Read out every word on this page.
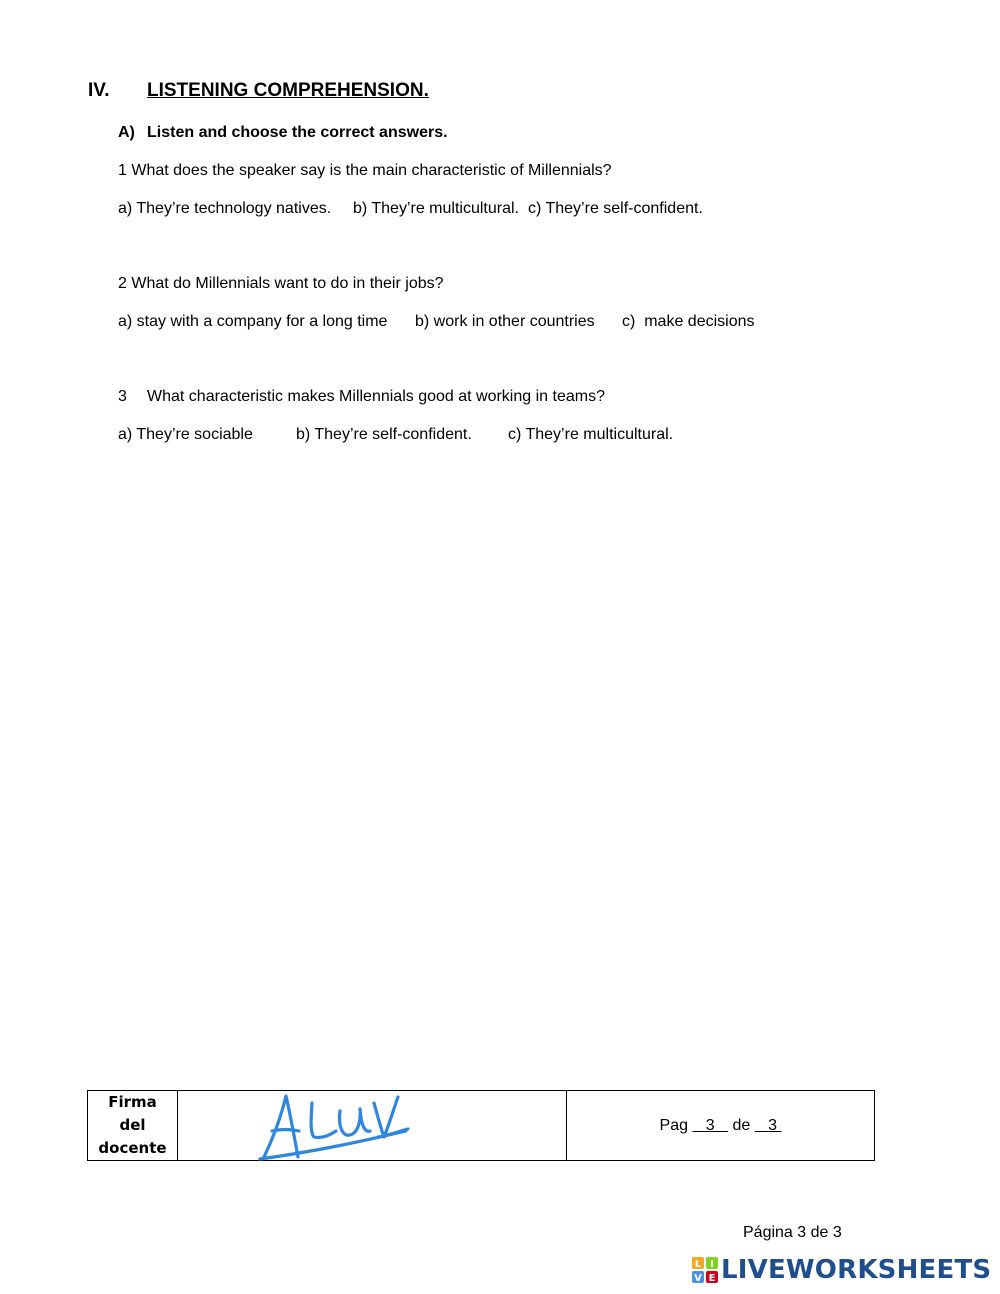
IV. LISTENING COMPREHENSION.
A) Listen and choose the correct answers.
1 What does the speaker say is the main characteristic of Millennials?
a) They’re technology natives. b) They’re multicultural. c) They’re self-confident.
2 What do Millennials want to do in their jobs?
a) stay with a company for a long time b) work in other countries c)  make decisions
3 What characteristic makes Millennials good at working in teams?
a) They’re sociable	b) They’re self-confident. c) They’re multicultural.
Firma
del
docente

	Pag 3 de 3
Página 3 de 3
L I
V E LIVEWORKSHEETS
